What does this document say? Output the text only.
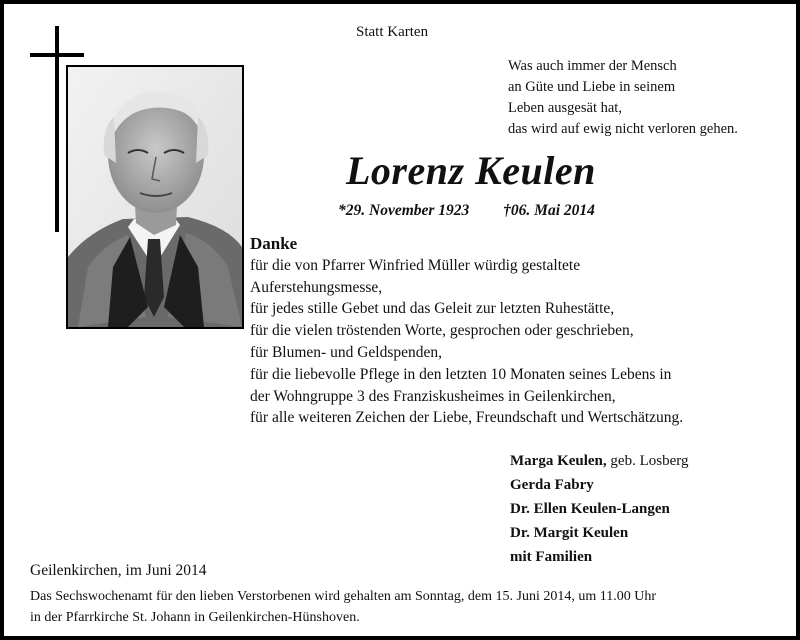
Statt Karten
Was auch immer der Mensch
an Güte und Liebe in seinem
Leben ausgesät hat,
das wird auf ewig nicht verloren gehen.
Lorenz Keulen
*29. November 1923 †06. Mai 2014
Danke
für die von Pfarrer Winfried Müller würdig gestaltete
Auferstehungsmesse,
für jedes stille Gebet und das Geleit zur letzten Ruhestätte,
für die vielen tröstenden Worte, gesprochen oder geschrieben,
für Blumen- und Geldspenden,
für die liebevolle Pflege in den letzten 10 Monaten seines Lebens in
der Wohngruppe 3 des Franziskusheimes in Geilenkirchen,
für alle weiteren Zeichen der Liebe, Freundschaft und Wertschätzung.
Marga Keulen, geb. Losberg
Gerda Fabry
Dr. Ellen Keulen-Langen
Dr. Margit Keulen
mit Familien
Geilenkirchen, im Juni 2014
Das Sechswochenamt für den lieben Verstorbenen wird gehalten am Sonntag, dem 15. Juni 2014, um 11.00 Uhr
in der Pfarrkirche St. Johann in Geilenkirchen-Hünshoven.
